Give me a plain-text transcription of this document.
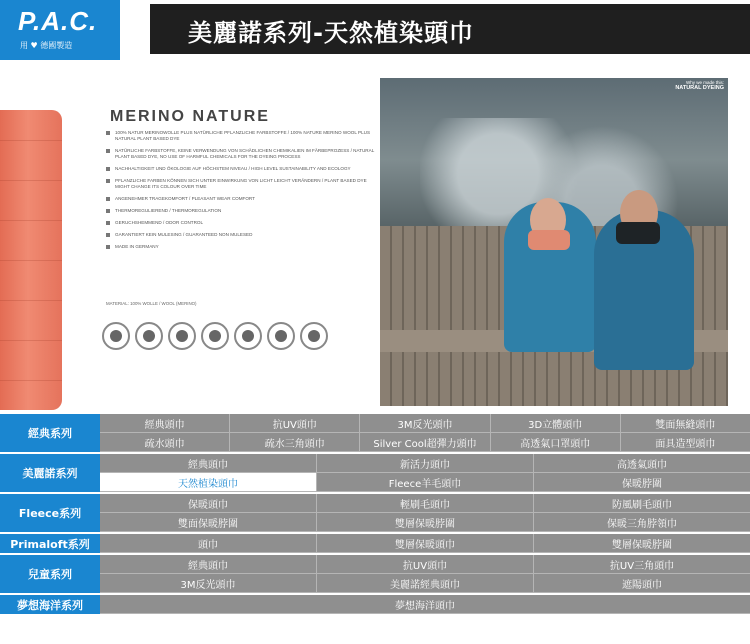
P.A.C.
用 ♥ 德國製造	美麗諾系列-天然植染頭巾
MERINO NATURE
100% NATUR MERINOWOLLE PLUS NATÜRLICHE PFLANZLICHE FARBSTOFFE / 100% NATURE MERINO WOOL PLUS NATURAL PLANT BASED DYE
NATÜRLICHE FARBSTOFFE, KEINE VERWENDUNG VON SCHÄDLICHEN CHEMIKALIEN IM FÄRBEPROZESS / NATURAL PLANT BASED DYE, NO USE OF HARMFUL CHEMICALS FOR THE DYEING PROCESS
NACHHALTIGKEIT UND ÖKOLOGIE AUF HÖCHSTEM NIVEAU / HIGH LEVEL SUSTAINABILITY AND ECOLOGY
PFLANZLICHE FARBEN KÖNNEN SICH UNTER EINWIRKUNG VON LICHT LEICHT VERÄNDERN / PLANT BASED DYE MIGHT CHANGE ITS COLOUR OVER TIME
ANGENEHMER TRAGEKOMFORT / PLEASANT WEAR COMFORT
THERMOREGULIEREND / THERMOREGULATION
GERUCHSHEMMEND / ODOR CONTROL
GARANTIERT KEIN MULESING / GUARANTEED NON MULESED
MADE IN GERMANY
MATERIAL: 100% WOLLE / WOOL (MERINO)
Why we made this:
NATURAL DYEING
經典系列
經典頭巾	抗UV頭巾	3M反光頭巾	3D立體頭巾	雙面無縫頭巾
疏水頭巾	疏水三角頭巾	Silver Cool超彈力頭巾	高透氣口罩頭巾	面具造型頭巾
美麗諾系列
經典頭巾	新活力頭巾	高透氣頭巾
天然植染頭巾	Fleece羊毛頭巾	保暖脖圍
Fleece系列
保暖頭巾	輕刷毛頭巾	防風刷毛頭巾
雙面保暖脖圍	雙層保暖脖圍	保暖三角脖領巾
Primaloft系列	頭巾	雙層保暖頭巾	雙層保暖脖圍
兒童系列
經典頭巾	抗UV頭巾	抗UV三角頭巾
3M反光頭巾	美麗諾經典頭巾	遮陽頭巾
夢想海洋系列	夢想海洋頭巾
